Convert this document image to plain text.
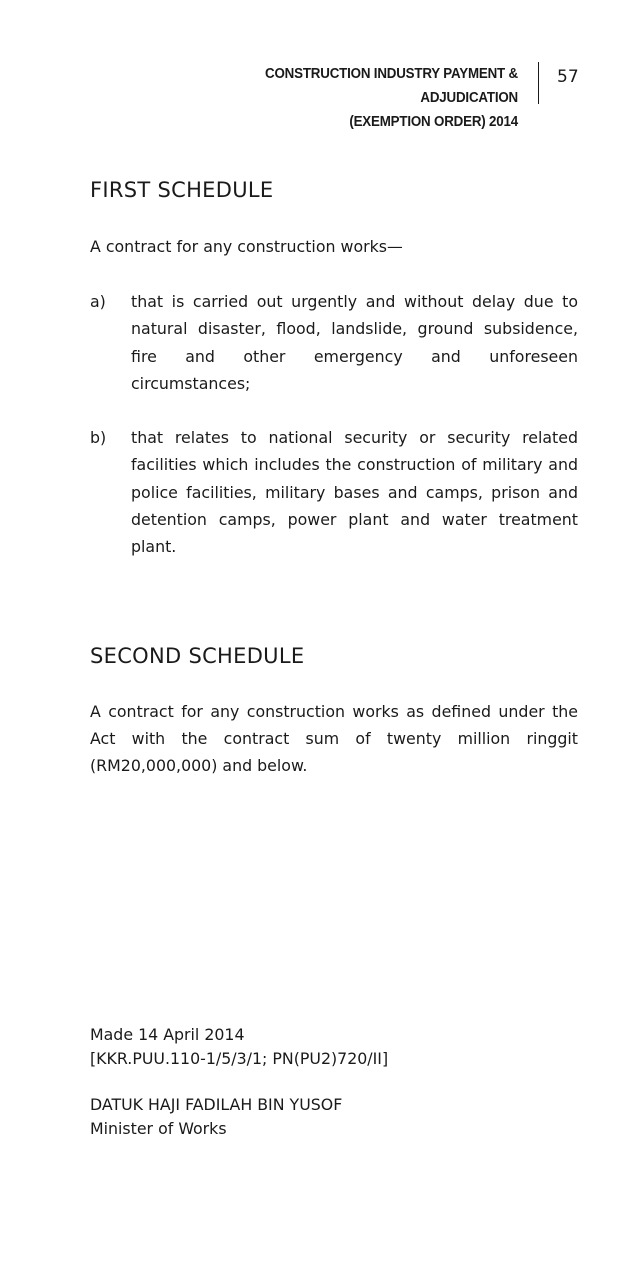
CONSTRUCTION INDUSTRY PAYMENT & ADJUDICATION
(EXEMPTION ORDER) 2014
57
FIRST SCHEDULE

A contract for any construction works—

a) that is carried out urgently and without delay due to natural disaster, flood, landslide, ground subsidence, fire and other emergency and unforeseen circumstances;
b) that relates to national security or security related facilities which includes the construction of military and police facilities, military bases and camps, prison and detention camps, power plant and water treatment plant.
SECOND SCHEDULE

A contract for any construction works as defined under the Act with the contract sum of twenty million ringgit (RM20,000,000) and below.

Made 14 April 2014
[KKR.PUU.110-1/5/3/1; PN(PU2)720/II]
DATUK HAJI FADILAH BIN YUSOF
Minister of Works
